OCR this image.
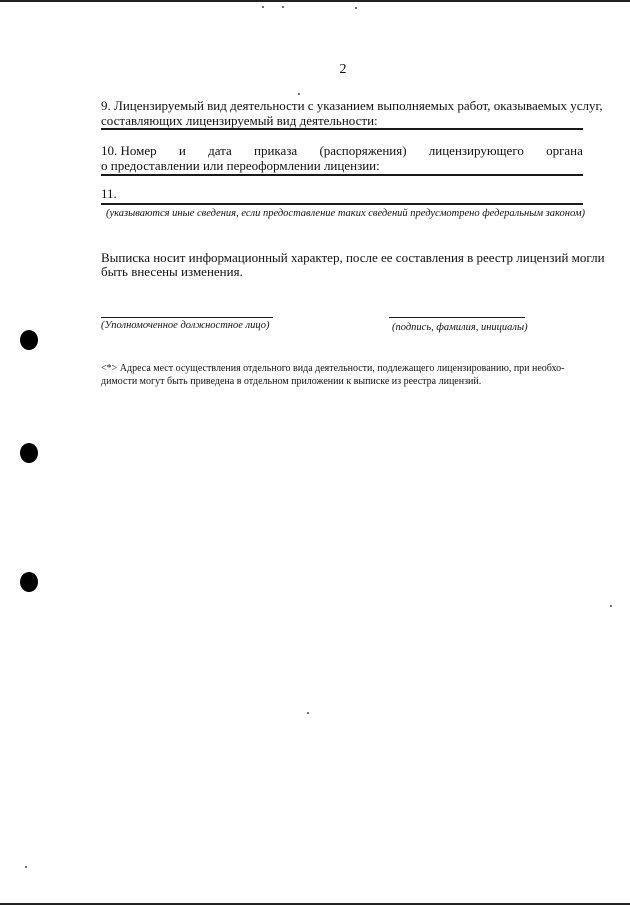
2
9. Лицензируемый вид деятельности с указанием выполняемых работ, оказываемых услуг,
составляющих лицензируемый вид деятельности:
10. Номер и дата приказа (распоряжения) лицензирующего органа
о предоставлении или переоформлении лицензии:
11.
(указываются иные сведения, если предоставление таких сведений предусмотрено федеральным законом)
Выписка носит информационный характер, после ее составления в реестр лицензий могли
быть внесены изменения.
(Уполномоченное должностное лицо)	(подпись, фамилия, инициалы)
<*> Адреса мест осуществления отдельного вида деятельности, подлежащего лицензированию, при необхо-
димости могут быть приведена в отдельном приложении к выписке из реестра лицензий.
